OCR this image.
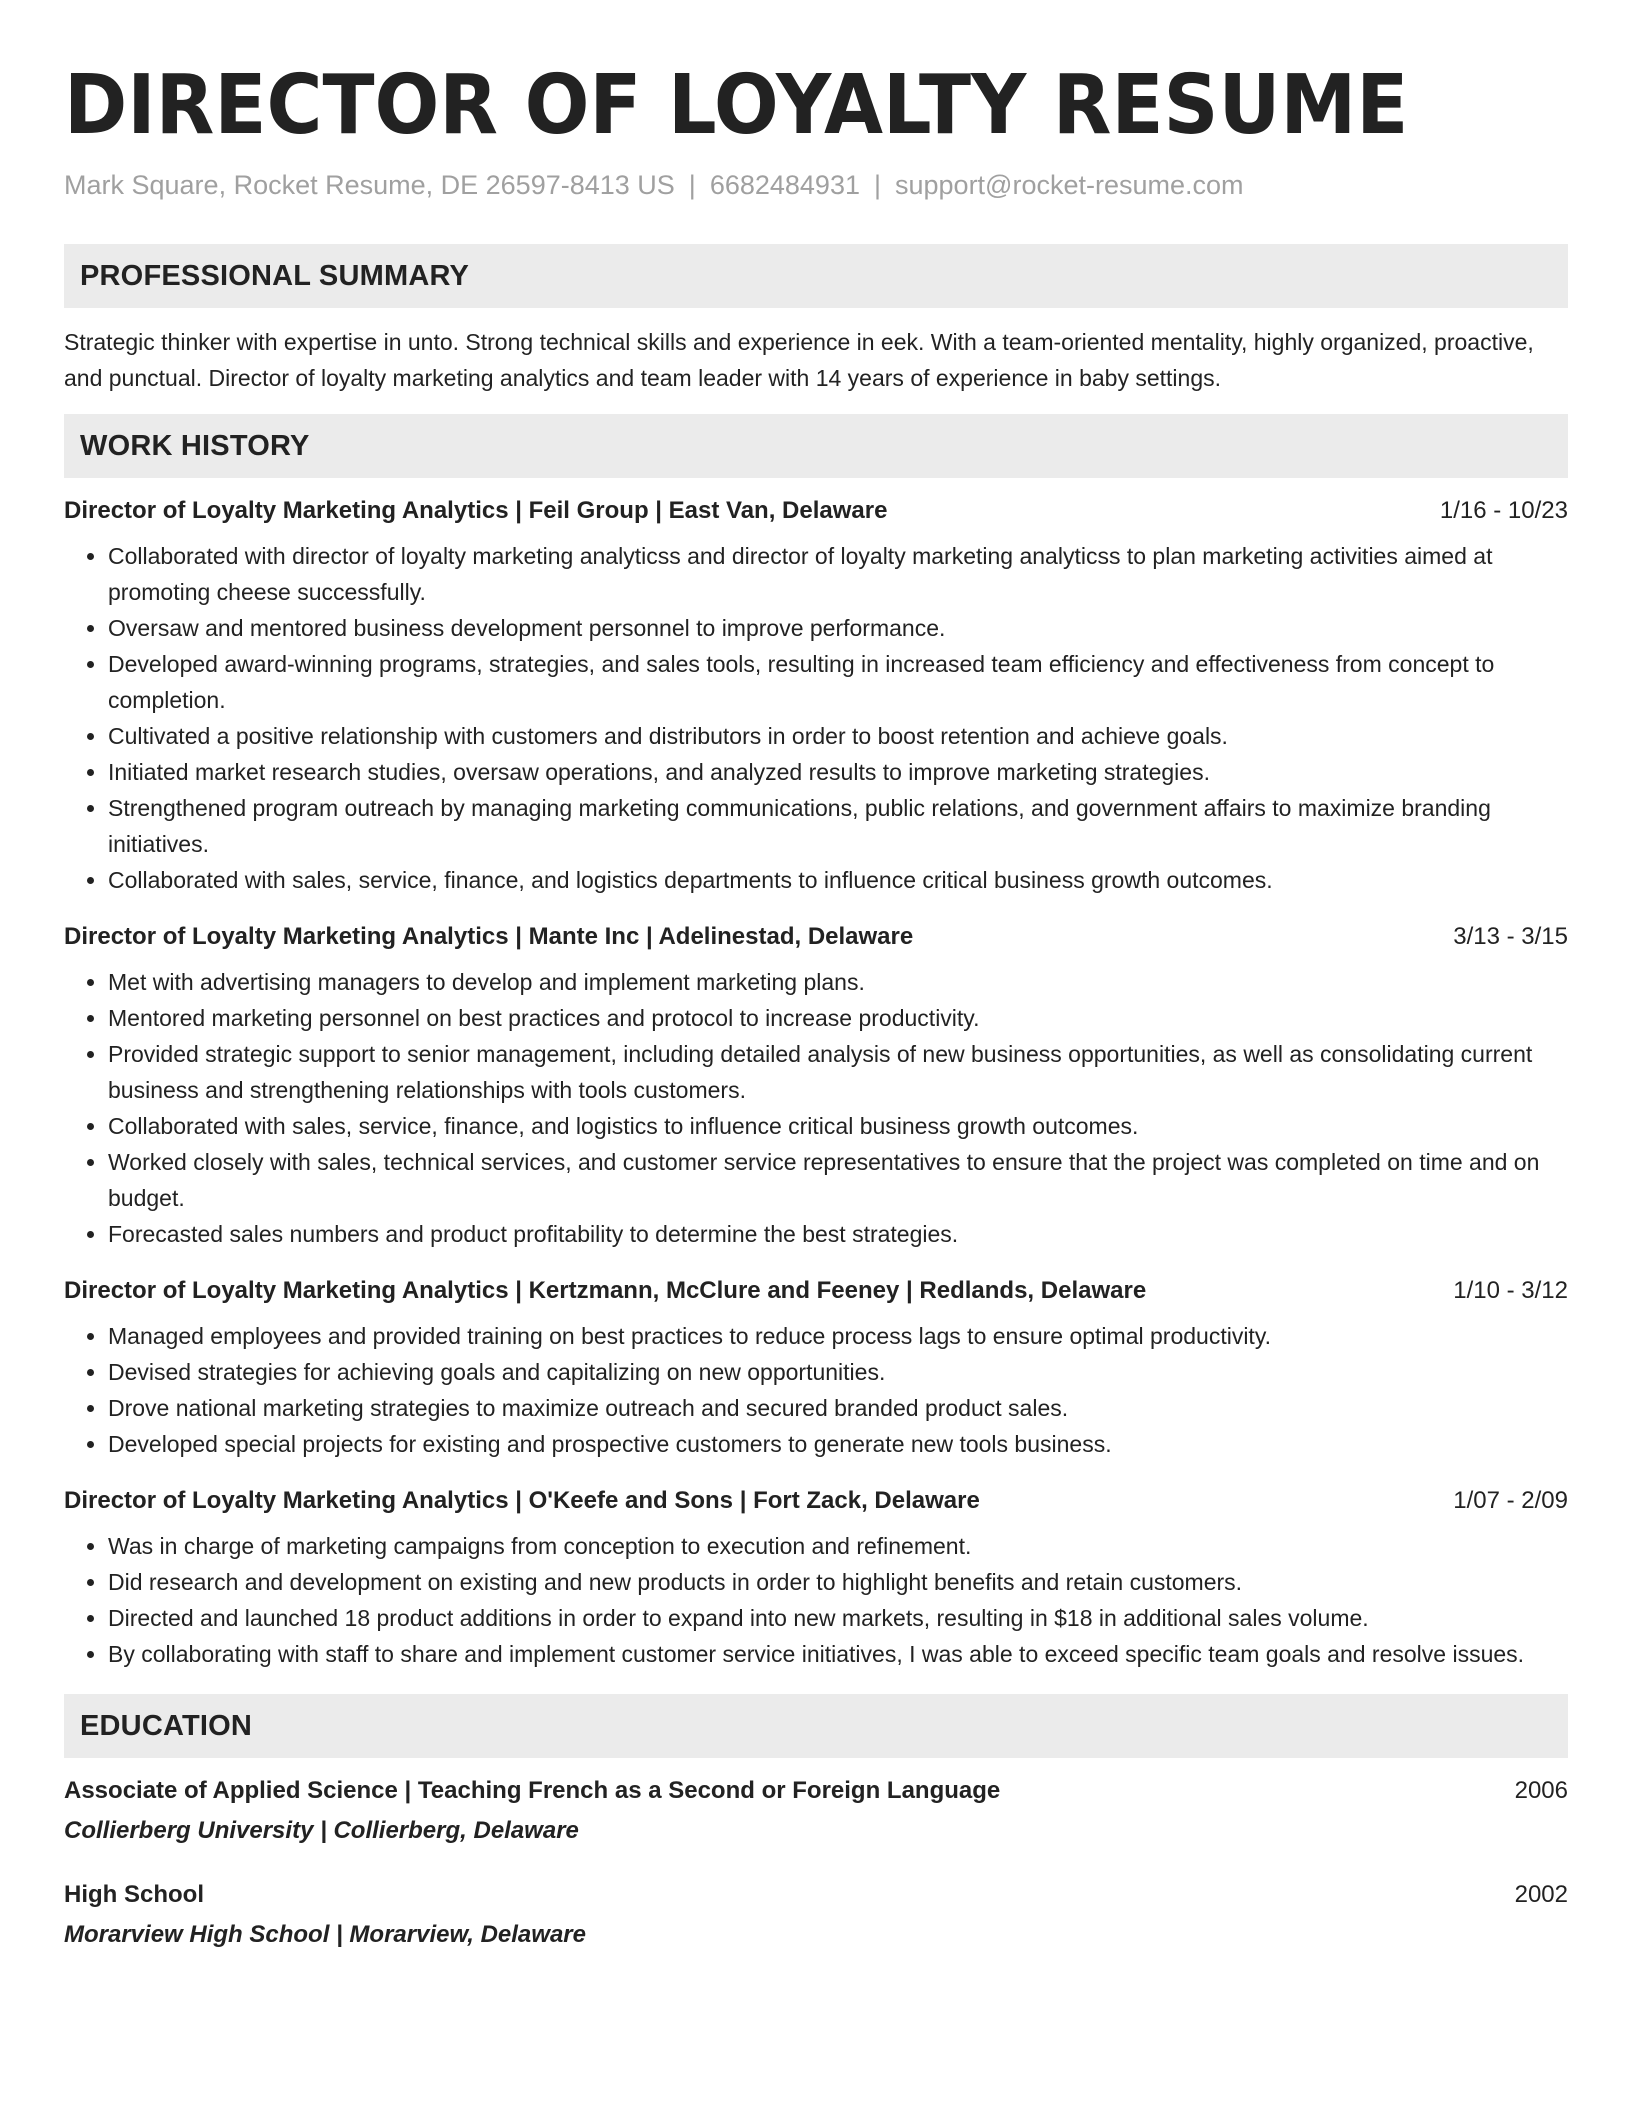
DIRECTOR OF LOYALTY RESUME
Mark Square, Rocket Resume, DE 26597-8413 US | 6682484931 | support@rocket-resume.com
PROFESSIONAL SUMMARY
Strategic thinker with expertise in unto. Strong technical skills and experience in eek. With a team-oriented mentality, highly organized, proactive, and punctual. Director of loyalty marketing analytics and team leader with 14 years of experience in baby settings.
WORK HISTORY
Director of Loyalty Marketing Analytics | Feil Group | East Van, Delaware	1/16 - 10/23
• Collaborated with director of loyalty marketing analyticss and director of loyalty marketing analyticss to plan marketing activities aimed at promoting cheese successfully.
• Oversaw and mentored business development personnel to improve performance.
• Developed award-winning programs, strategies, and sales tools, resulting in increased team efficiency and effectiveness from concept to completion.
• Cultivated a positive relationship with customers and distributors in order to boost retention and achieve goals.
• Initiated market research studies, oversaw operations, and analyzed results to improve marketing strategies.
• Strengthened program outreach by managing marketing communications, public relations, and government affairs to maximize branding initiatives.
• Collaborated with sales, service, finance, and logistics departments to influence critical business growth outcomes.
Director of Loyalty Marketing Analytics | Mante Inc | Adelinestad, Delaware	3/13 - 3/15
• Met with advertising managers to develop and implement marketing plans.
• Mentored marketing personnel on best practices and protocol to increase productivity.
• Provided strategic support to senior management, including detailed analysis of new business opportunities, as well as consolidating current business and strengthening relationships with tools customers.
• Collaborated with sales, service, finance, and logistics to influence critical business growth outcomes.
• Worked closely with sales, technical services, and customer service representatives to ensure that the project was completed on time and on budget.
• Forecasted sales numbers and product profitability to determine the best strategies.
Director of Loyalty Marketing Analytics | Kertzmann, McClure and Feeney | Redlands, Delaware	1/10 - 3/12
• Managed employees and provided training on best practices to reduce process lags to ensure optimal productivity.
• Devised strategies for achieving goals and capitalizing on new opportunities.
• Drove national marketing strategies to maximize outreach and secured branded product sales.
• Developed special projects for existing and prospective customers to generate new tools business.
Director of Loyalty Marketing Analytics | O'Keefe and Sons | Fort Zack, Delaware	1/07 - 2/09
• Was in charge of marketing campaigns from conception to execution and refinement.
• Did research and development on existing and new products in order to highlight benefits and retain customers.
• Directed and launched 18 product additions in order to expand into new markets, resulting in $18 in additional sales volume.
• By collaborating with staff to share and implement customer service initiatives, I was able to exceed specific team goals and resolve issues.
EDUCATION
Associate of Applied Science | Teaching French as a Second or Foreign Language	2006
Collierberg University | Collierberg, Delaware
High School	2002
Morarview High School | Morarview, Delaware
